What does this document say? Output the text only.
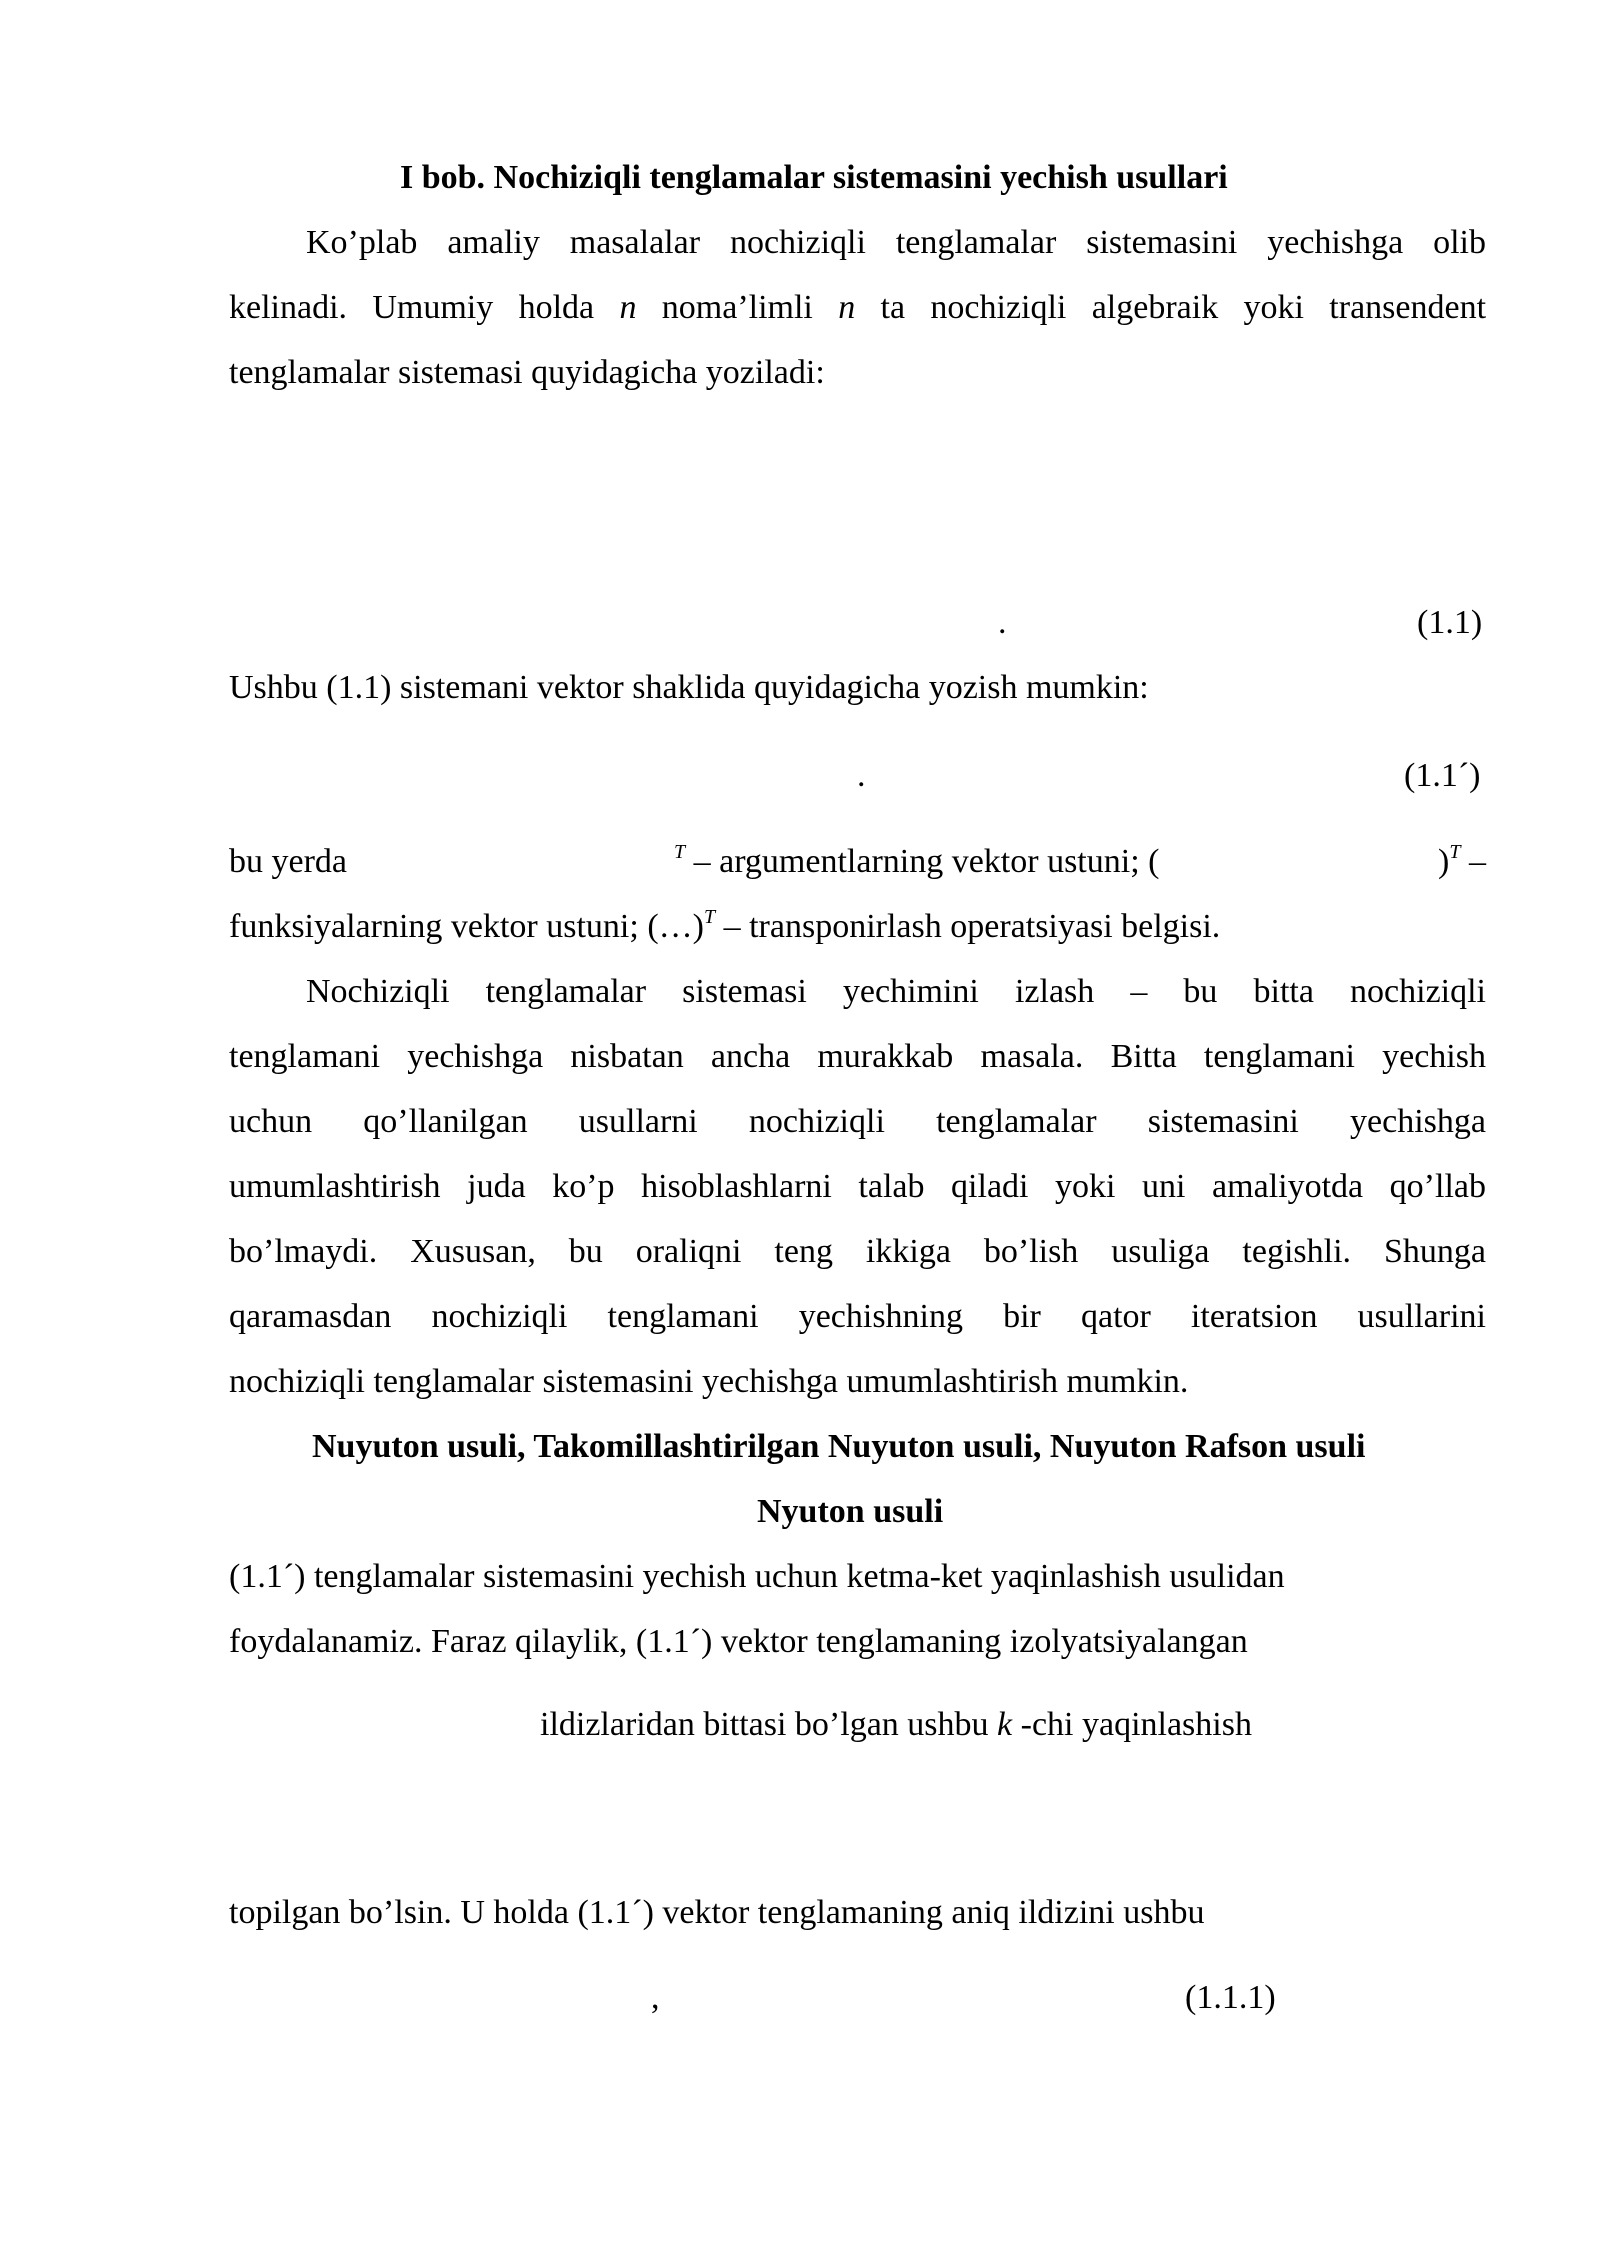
I bob. Nochiziqli tenglamalar sistemasini yechish usullari
Ko’plab amaliy masalalar nochiziqli tenglamalar sistemasini yechishga olib
kelinadi. Umumiy holda n noma’limli n ta nochiziqli algebraik yoki transendent
tenglamalar sistemasi quyidagicha yoziladi:
.	(1.1)
Ushbu (1.1) sistemani vektor shaklida quyidagicha yozish mumkin:
.	(1.1´)
bu yerda	$^T$ – argumentlarning vektor ustuni; (	)$^T$ –
funksiyalarning vektor ustuni; (…)$^T$ – transponirlash operatsiyasi belgisi.
Nochiziqli tenglamalar sistemasi yechimini izlash – bu bitta nochiziqli
tenglamani yechishga nisbatan ancha murakkab masala. Bitta tenglamani yechish
uchun qo’llanilgan usullarni nochiziqli tenglamalar sistemasini yechishga
umumlashtirish juda ko’p hisoblashlarni talab qiladi yoki uni amaliyotda qo’llab
bo’lmaydi. Xususan, bu oraliqni teng ikkiga bo’lish usuliga tegishli. Shunga
qaramasdan nochiziqli tenglamani yechishning bir qator iteratsion usullarini
nochiziqli tenglamalar sistemasini yechishga umumlashtirish mumkin.
Nuyuton usuli, Takomillashtirilgan Nuyuton usuli, Nuyuton Rafson usuli
Nyuton usuli
(1.1´) tenglamalar sistemasini yechish uchun ketma-ket yaqinlashish usulidan
foydalanamiz. Faraz qilaylik, (1.1´) vektor tenglamaning izolyatsiyalangan
ildizlaridan bittasi bo’lgan ushbu k -chi yaqinlashish
topilgan bo’lsin. U holda (1.1´) vektor tenglamaning aniq ildizini ushbu
,	(1.1.1)
